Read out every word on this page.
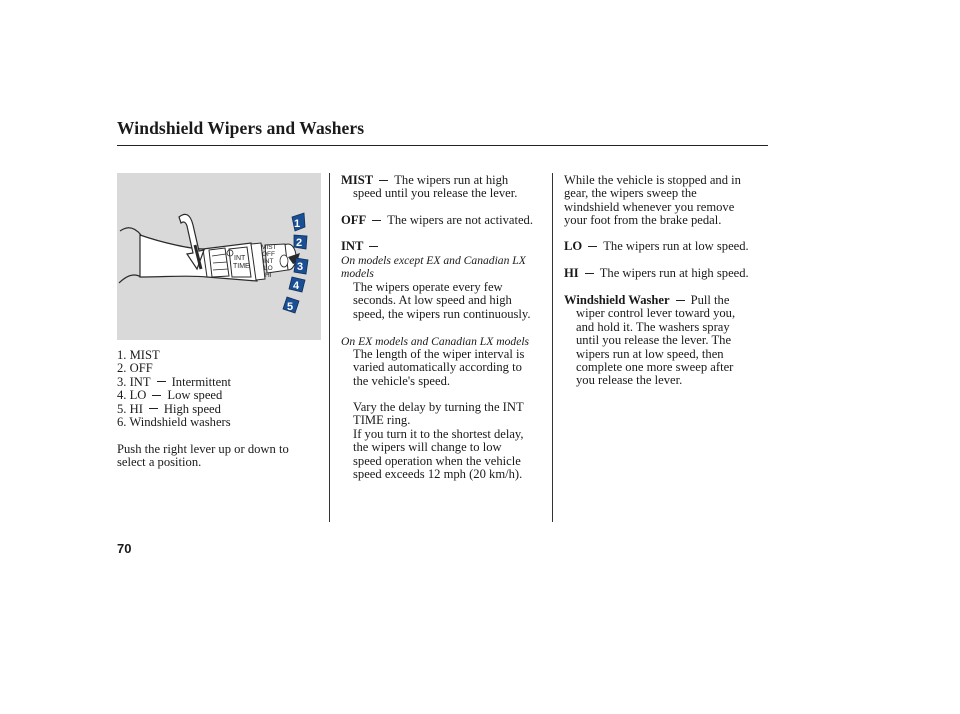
Windshield Wipers and Washers
INT
TIME
MIST
OFF
INT
LO
HI
1
2
3
4
5
1. MIST
2. OFF
3. INT Intermittent
4. LO Low speed
5. HI High speed
6. Windshield washers
Push the right lever up or down to
select a position.
MIST The wipers run at high
speed until you release the lever.
OFF The wipers are not activated.
INT
On models except EX and Canadian LX
models
The wipers operate every few
seconds. At low speed and high
speed, the wipers run continuously.
On EX models and Canadian LX models
The length of the wiper interval is
varied automatically according to
the vehicle's speed.
Vary the delay by turning the INT
TIME ring.
If you turn it to the shortest delay,
the wipers will change to low
speed operation when the vehicle
speed exceeds 12 mph (20 km/h).
While the vehicle is stopped and in
gear, the wipers sweep the
windshield whenever you remove
your foot from the brake pedal.
LO The wipers run at low speed.
HI The wipers run at high speed.
Windshield Washer Pull the
wiper control lever toward you,
and hold it. The washers spray
until you release the lever. The
wipers run at low speed, then
complete one more sweep after
you release the lever.
70
